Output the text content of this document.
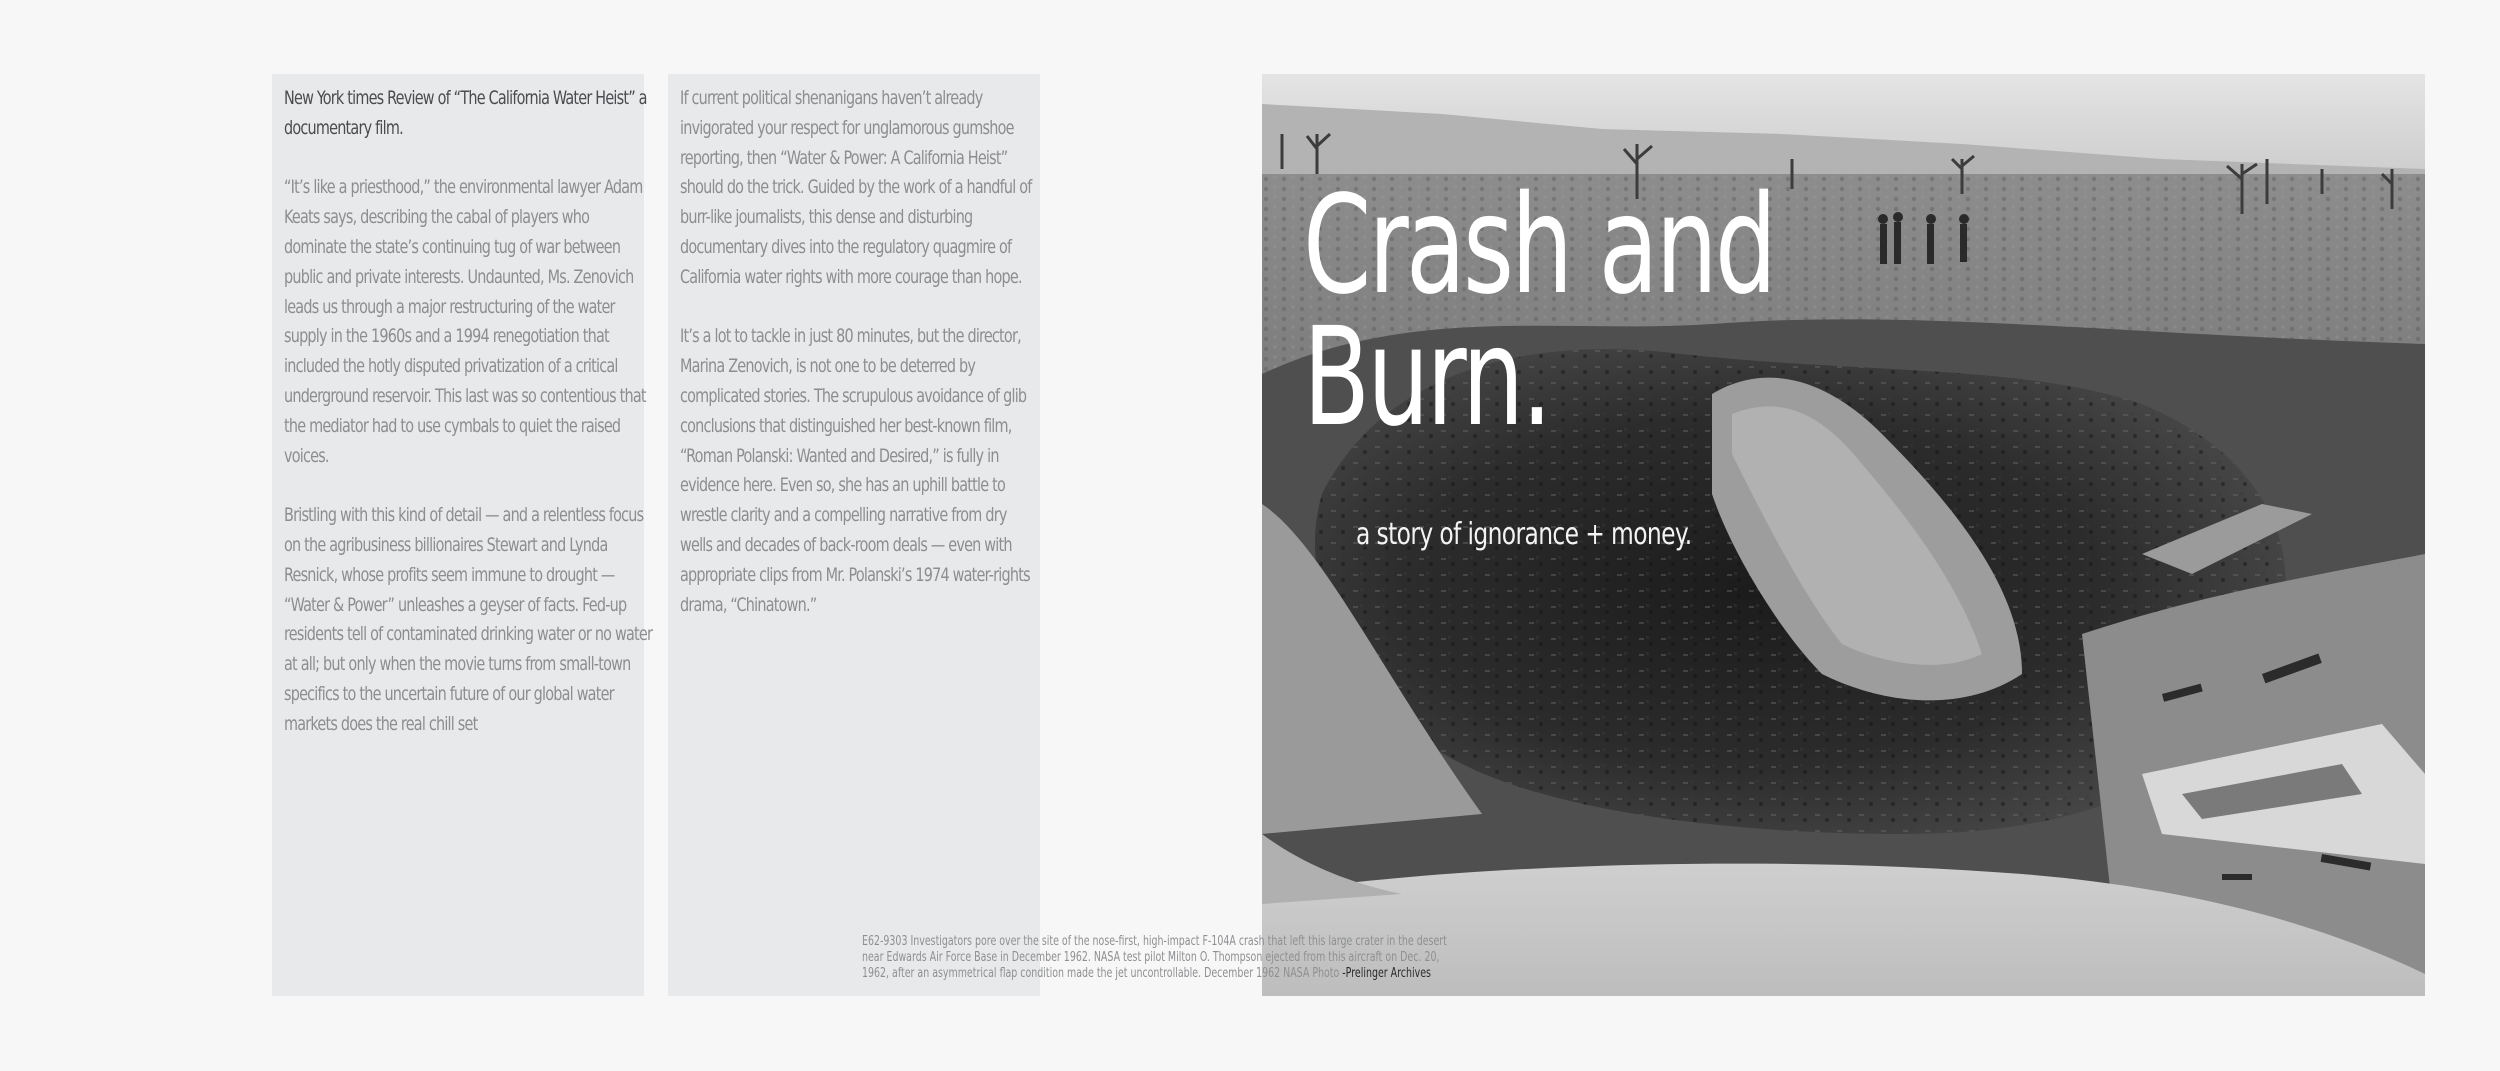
New York times Review of “The California Water Heist” a documentary film.

“It’s like a priesthood,” the environmental lawyer Adam Keats says, describing the cabal of players who dominate the state’s continuing tug of war between public and private interests. Undaunted, Ms. Zenovich leads us through a major restructuring of the water supply in the 1960s and a 1994 renegotiation that included the hotly disputed privatization of a critical underground reservoir. This last was so contentious that the mediator had to use cymbals to quiet the raised voices.

Bristling with this kind of detail — and a relentless focus on the agribusiness billionaires Stewart and Lynda Resnick, whose profits seem immune to drought — “Water & Power” unleashes a geyser of facts. Fed-up residents tell of contaminated drinking water or no water at all; but only when the movie turns from small-town specifics to the uncertain future of our global water markets does the real chill set

If current political shenanigans haven’t already invigorated your respect for unglamorous gumshoe reporting, then “Water & Power: A California Heist” should do the trick. Guided by the work of a handful of burr-like journalists, this dense and disturbing documentary dives into the regulatory quagmire of California water rights with more courage than hope.

It’s a lot to tackle in just 80 minutes, but the director, Marina Zenovich, is not one to be deterred by complicated stories. The scrupulous avoidance of glib conclusions that distinguished her best-known film, “Roman Polanski: Wanted and Desired,” is fully in evidence here. Even so, she has an uphill battle to wrestle clarity and a compelling narrative from dry wells and decades of back-room deals — even with appropriate clips from Mr. Polanski’s 1974 water-rights drama, “Chinatown.”

Crash and
Burn.
a story of ignorance + money.
E62-9303 Investigators pore over the site of the nose-first, high-impact F-104A crash that left this large crater in the desert near Edwards Air Force Base in December 1962. NASA test pilot Milton O. Thompson ejected from this aircraft on Dec. 20, 1962, after an asymmetrical flap condition made the jet uncontrollable. December 1962 NASA Photo -Prelinger Archives
